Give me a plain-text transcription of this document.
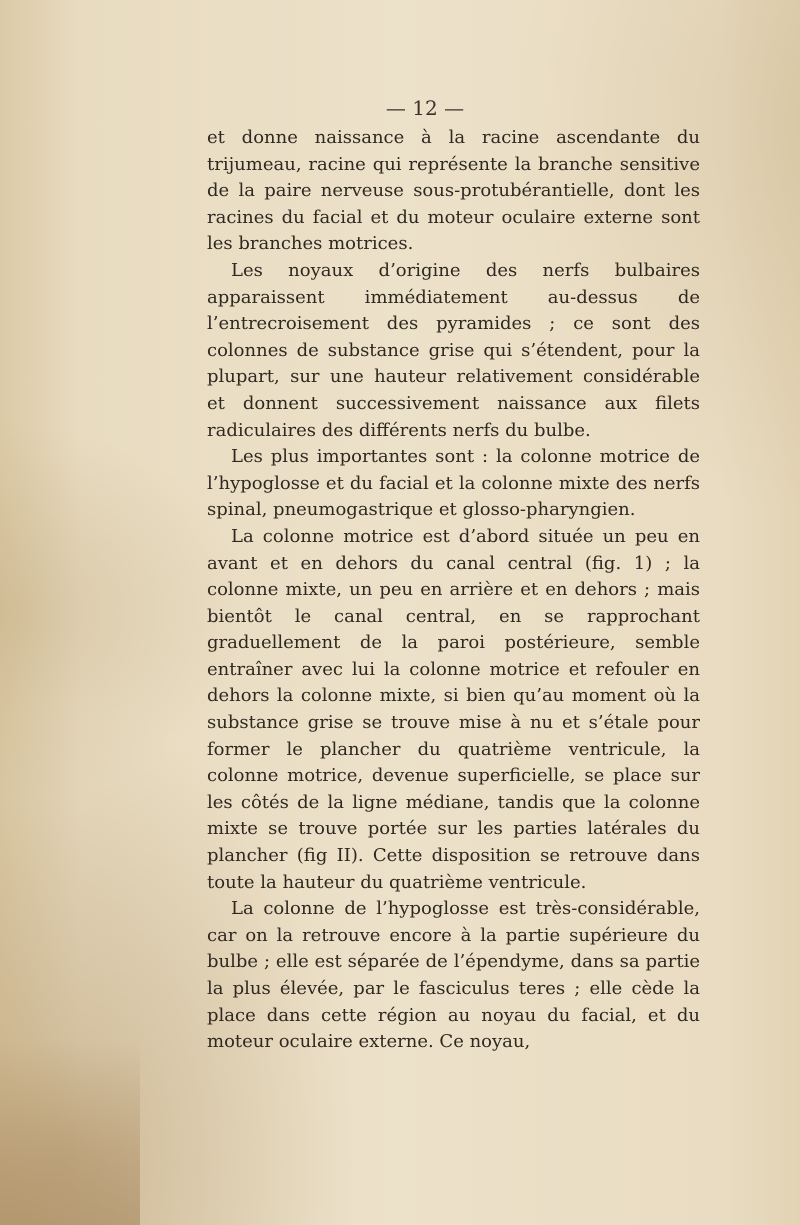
— 12 —

et donne naissance à la racine ascendante du trijumeau, racine qui représente la branche sensitive de la paire nerveuse sous-protubérantielle, dont les racines du facial et du moteur oculaire externe sont les branches motrices.

Les noyaux d’origine des nerfs bulbaires apparaissent immédiatement au-dessus de l’entrecroisement des pyramides ; ce sont des colonnes de substance grise qui s’étendent, pour la plupart, sur une hauteur relativement considérable et donnent successivement naissance aux filets radiculaires des différents nerfs du bulbe.

Les plus importantes sont : la colonne motrice de l’hypoglosse et du facial et la colonne mixte des nerfs spinal, pneumogastrique et glosso-pharyngien.

La colonne motrice est d’abord située un peu en avant et en dehors du canal central (fig. 1) ; la colonne mixte, un peu en arrière et en dehors ; mais bientôt le canal central, en se rapprochant graduellement de la paroi postérieure, semble entraîner avec lui la colonne motrice et refouler en dehors la colonne mixte, si bien qu’au moment où la substance grise se trouve mise à nu et s’étale pour former le plancher du quatrième ventricule, la colonne motrice, devenue superficielle, se place sur les côtés de la ligne médiane, tandis que la colonne mixte se trouve portée sur les parties latérales du plancher (fig II). Cette disposition se retrouve dans toute la hauteur du quatrième ventricule.

La colonne de l’hypoglosse est très-considérable, car on la retrouve encore à la partie supérieure du bulbe ; elle est séparée de l’épendyme, dans sa partie la plus élevée, par le fasciculus teres ; elle cède la place dans cette région au noyau du facial, et du moteur oculaire externe. Ce noyau,
